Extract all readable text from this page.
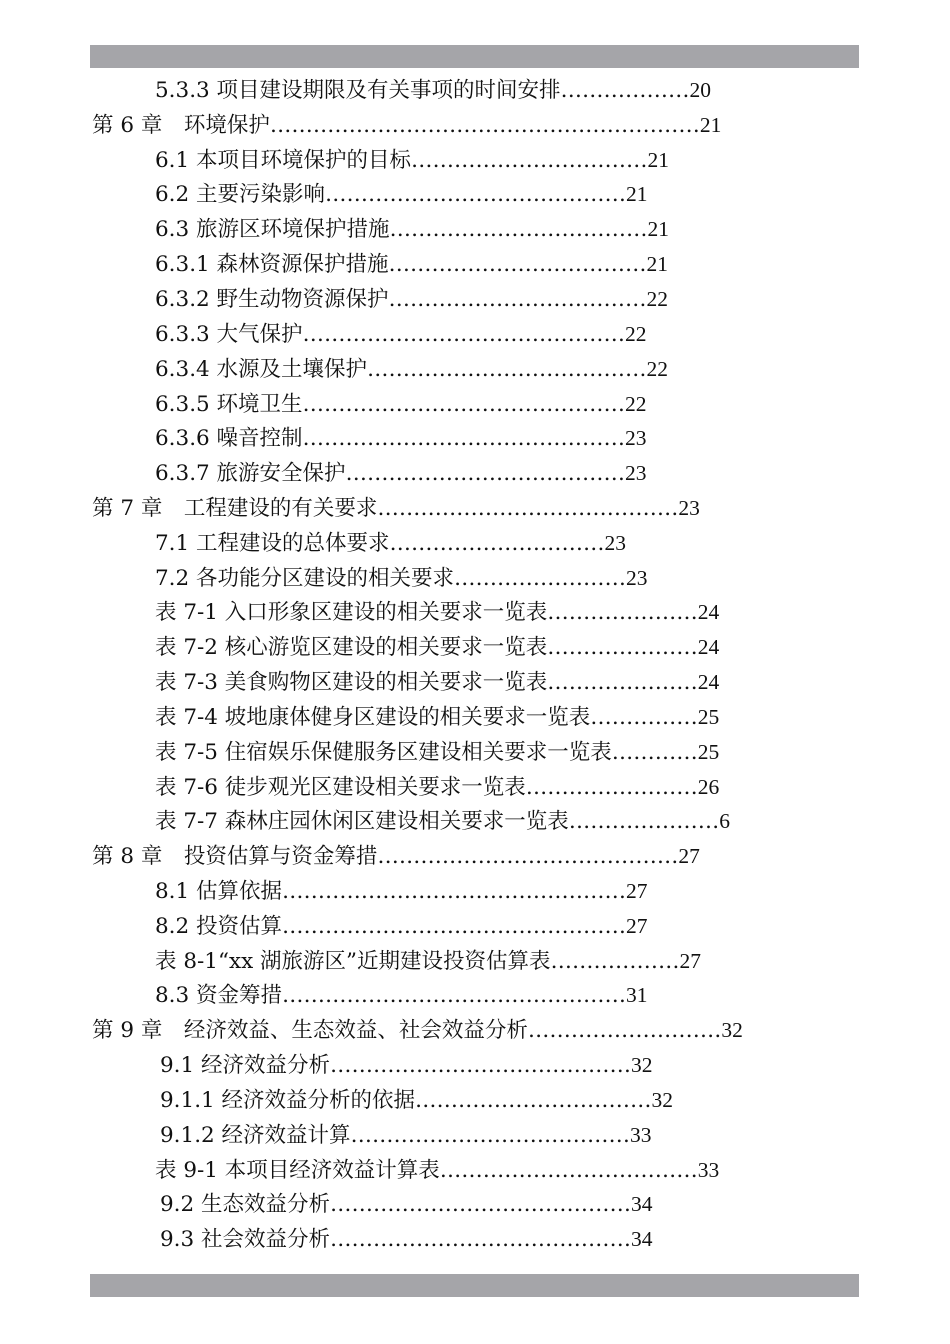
5.3.3 项目建设期限及有关事项的时间安排………………20
第 6 章　环境保护……………………………………………………21
6.1 本项目环境保护的目标……………………………21
6.2 主要污染影响……………………………………21
6.3 旅游区环境保护措施………………………………21
6.3.1 森林资源保护措施………………………………21
6.3.2 野生动物资源保护………………………………22
6.3.3 大气保护………………………………………22
6.3.4 水源及土壤保护…………………………………22
6.3.5 环境卫生………………………………………22
6.3.6 噪音控制………………………………………23
6.3.7 旅游安全保护…………………………………23
第 7 章　工程建设的有关要求……………………………………23
7.1 工程建设的总体要求…………………………23
7.2 各功能分区建设的相关要求……………………23
表 7-1 入口形象区建设的相关要求一览表…………………24
表 7-2 核心游览区建设的相关要求一览表…………………24
表 7-3 美食购物区建设的相关要求一览表…………………24
表 7-4 坡地康体健身区建设的相关要求一览表……………25
表 7-5 住宿娱乐保健服务区建设相关要求一览表…………25
表 7-6 徒步观光区建设相关要求一览表……………………26
表 7-7 森林庄园休闲区建设相关要求一览表…………………6
第 8 章　投资估算与资金筹措……………………………………27
8.1 估算依据…………………………………………27
8.2 投资估算…………………………………………27
表 8-1“xx 湖旅游区”近期建设投资估算表………………27
8.3 资金筹措…………………………………………31
第 9 章　经济效益、生态效益、社会效益分析………………………32
9.1 经济效益分析……………………………………32
9.1.1 经济效益分析的依据……………………………32
9.1.2 经济效益计算…………………………………33
表 9-1 本项目经济效益计算表………………………………33
9.2 生态效益分析……………………………………34
9.3 社会效益分析……………………………………34
